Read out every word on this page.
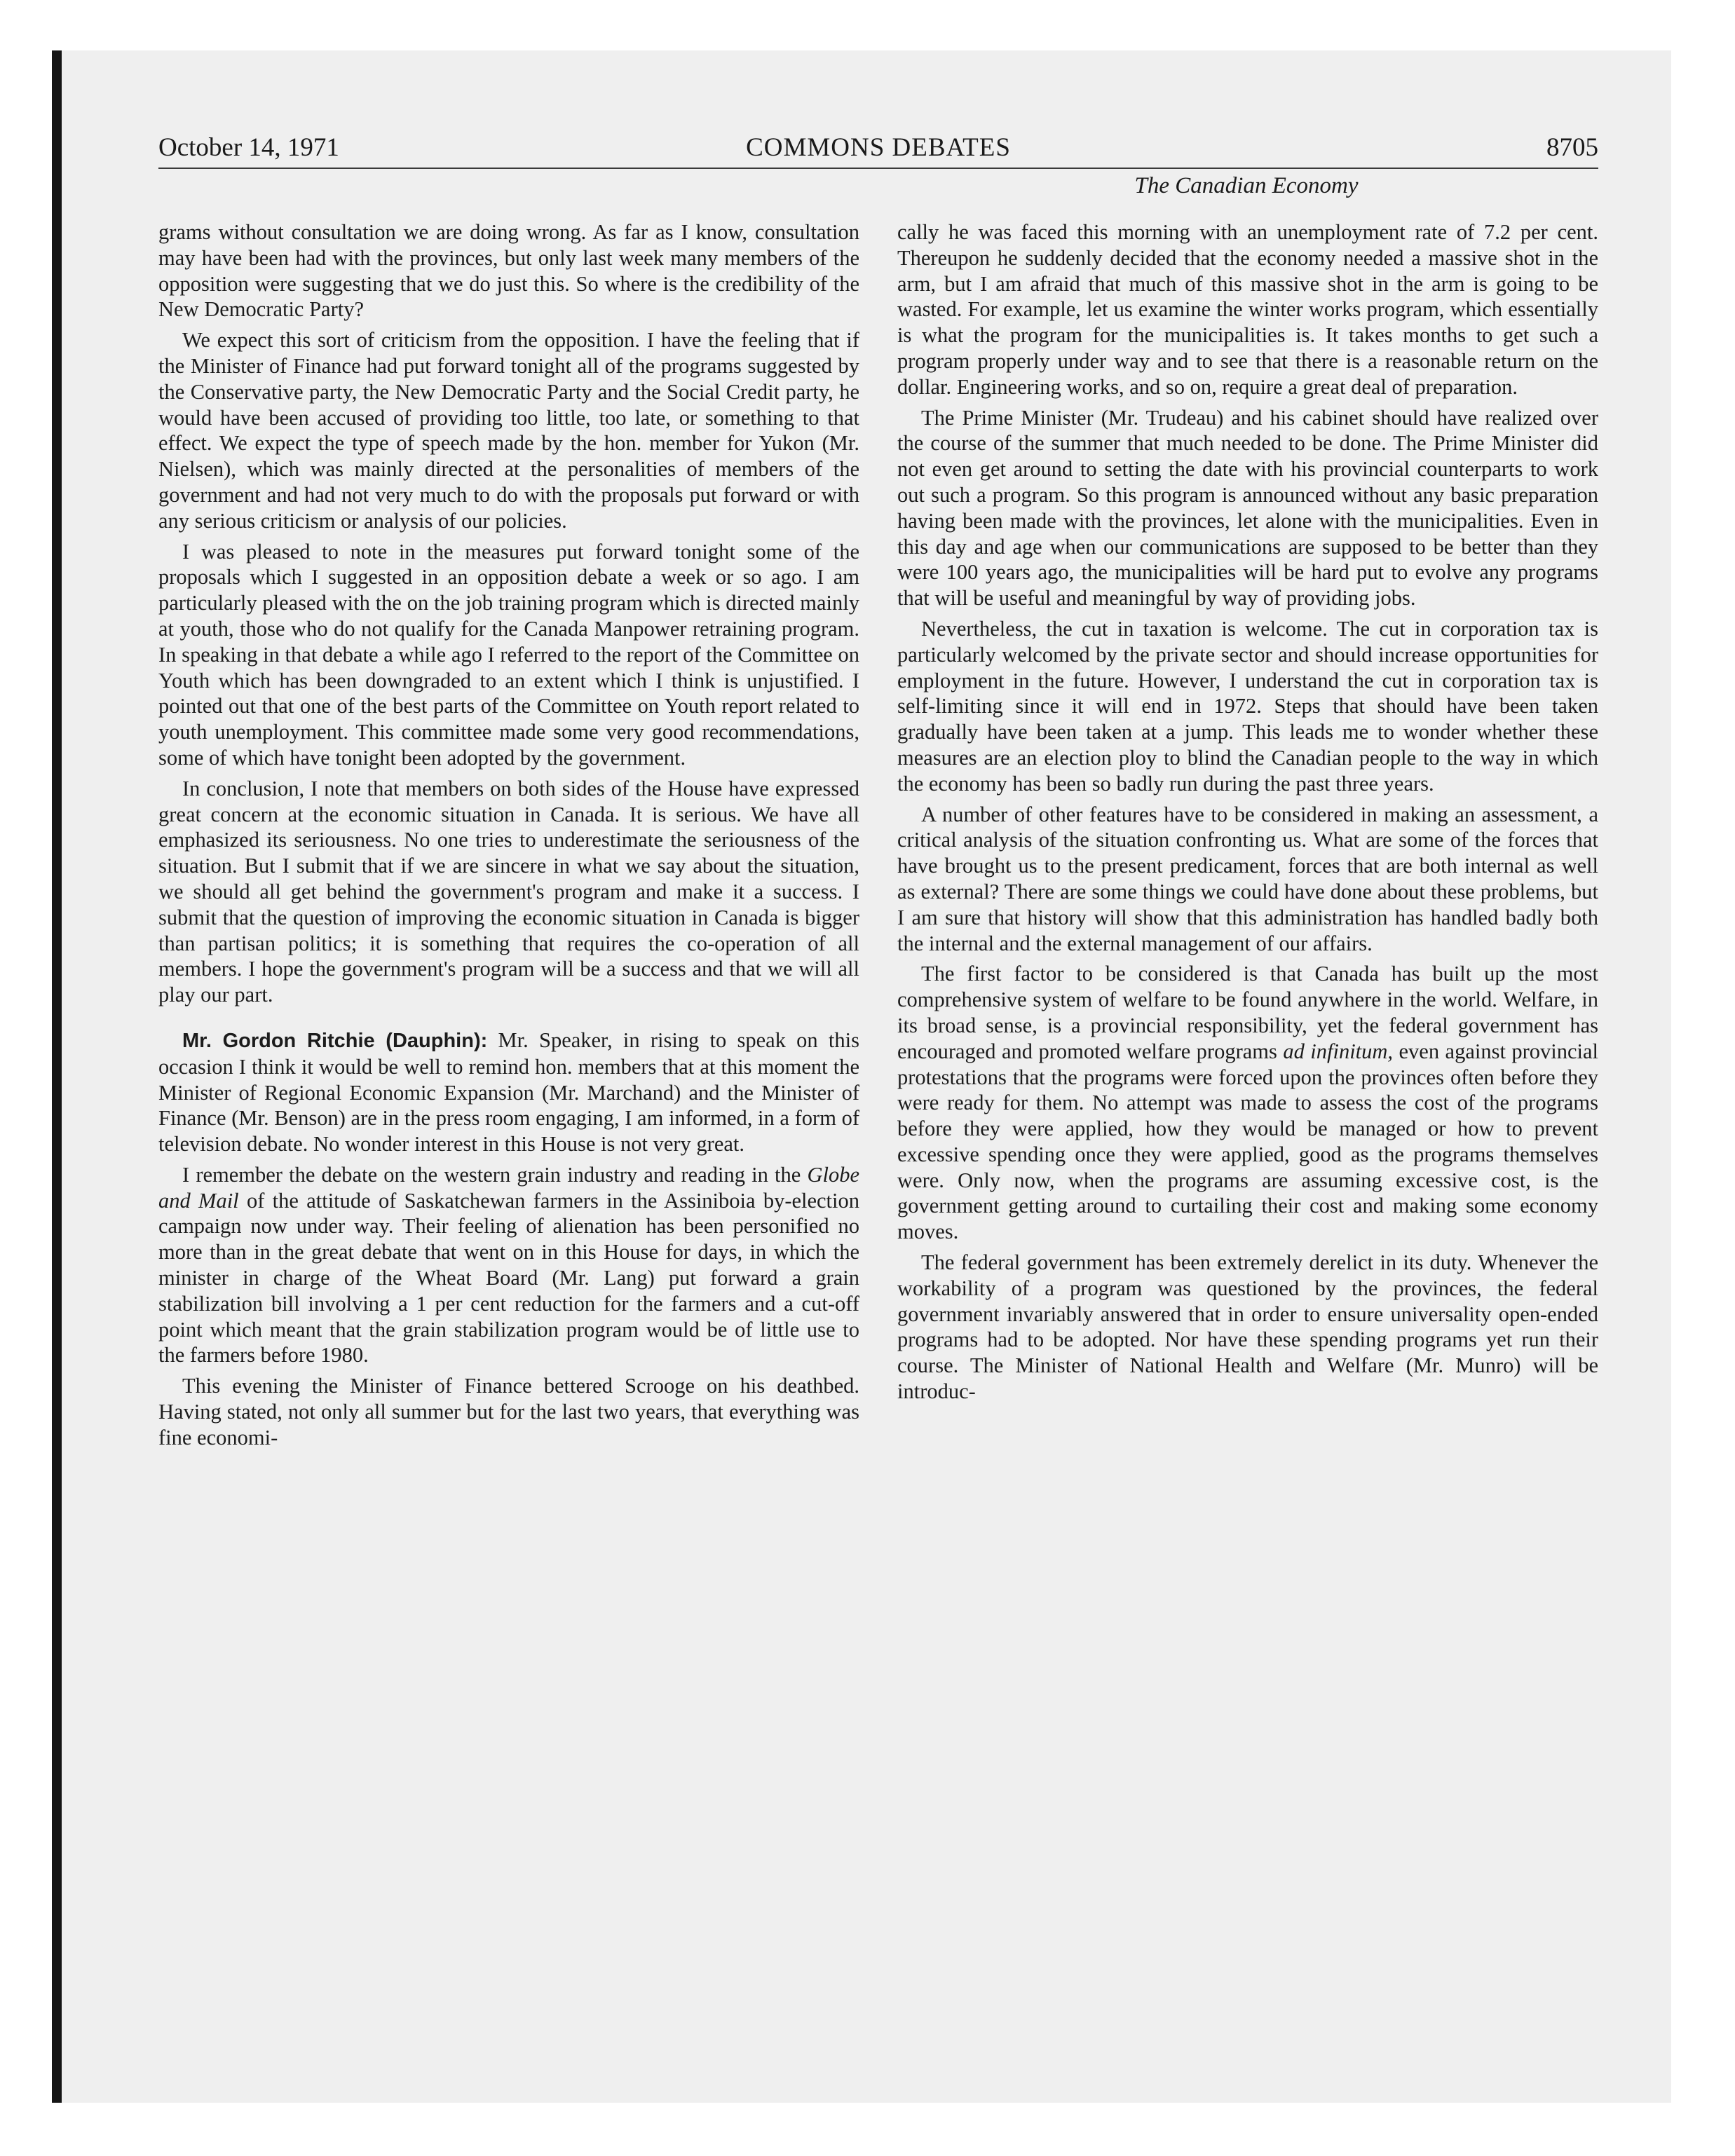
October 14, 1971	COMMONS DEBATES	8705
The Canadian Economy

grams without consultation we are doing wrong. As far as I know, consultation may have been had with the provinces, but only last week many members of the opposition were suggesting that we do just this. So where is the credibility of the New Democratic Party?

We expect this sort of criticism from the opposition. I have the feeling that if the Minister of Finance had put forward tonight all of the programs suggested by the Conservative party, the New Democratic Party and the Social Credit party, he would have been accused of providing too little, too late, or something to that effect. We expect the type of speech made by the hon. member for Yukon (Mr. Nielsen), which was mainly directed at the personalities of members of the government and had not very much to do with the proposals put forward or with any serious criticism or analysis of our policies.

I was pleased to note in the measures put forward tonight some of the proposals which I suggested in an opposition debate a week or so ago. I am particularly pleased with the on the job training program which is directed mainly at youth, those who do not qualify for the Canada Manpower retraining program. In speaking in that debate a while ago I referred to the report of the Committee on Youth which has been downgraded to an extent which I think is unjustified. I pointed out that one of the best parts of the Committee on Youth report related to youth unemployment. This committee made some very good recommendations, some of which have tonight been adopted by the government.

In conclusion, I note that members on both sides of the House have expressed great concern at the economic situation in Canada. It is serious. We have all emphasized its seriousness. No one tries to underestimate the seriousness of the situation. But I submit that if we are sincere in what we say about the situation, we should all get behind the government's program and make it a success. I submit that the question of improving the economic situation in Canada is bigger than partisan politics; it is something that requires the co-operation of all members. I hope the government's program will be a success and that we will all play our part.

Mr. Gordon Ritchie (Dauphin): Mr. Speaker, in rising to speak on this occasion I think it would be well to remind hon. members that at this moment the Minister of Regional Economic Expansion (Mr. Marchand) and the Minister of Finance (Mr. Benson) are in the press room engaging, I am informed, in a form of television debate. No wonder interest in this House is not very great.

I remember the debate on the western grain industry and reading in the Globe and Mail of the attitude of Saskatchewan farmers in the Assiniboia by-election campaign now under way. Their feeling of alienation has been personified no more than in the great debate that went on in this House for days, in which the minister in charge of the Wheat Board (Mr. Lang) put forward a grain stabilization bill involving a 1 per cent reduction for the farmers and a cut-off point which meant that the grain stabilization program would be of little use to the farmers before 1980.

This evening the Minister of Finance bettered Scrooge on his deathbed. Having stated, not only all summer but for the last two years, that everything was fine economi-

cally he was faced this morning with an unemployment rate of 7.2 per cent. Thereupon he suddenly decided that the economy needed a massive shot in the arm, but I am afraid that much of this massive shot in the arm is going to be wasted. For example, let us examine the winter works program, which essentially is what the program for the municipalities is. It takes months to get such a program properly under way and to see that there is a reasonable return on the dollar. Engineering works, and so on, require a great deal of preparation.

The Prime Minister (Mr. Trudeau) and his cabinet should have realized over the course of the summer that much needed to be done. The Prime Minister did not even get around to setting the date with his provincial counterparts to work out such a program. So this program is announced without any basic preparation having been made with the provinces, let alone with the municipalities. Even in this day and age when our communications are supposed to be better than they were 100 years ago, the municipalities will be hard put to evolve any programs that will be useful and meaningful by way of providing jobs.

Nevertheless, the cut in taxation is welcome. The cut in corporation tax is particularly welcomed by the private sector and should increase opportunities for employment in the future. However, I understand the cut in corporation tax is self-limiting since it will end in 1972. Steps that should have been taken gradually have been taken at a jump. This leads me to wonder whether these measures are an election ploy to blind the Canadian people to the way in which the economy has been so badly run during the past three years.

A number of other features have to be considered in making an assessment, a critical analysis of the situation confronting us. What are some of the forces that have brought us to the present predicament, forces that are both internal as well as external? There are some things we could have done about these problems, but I am sure that history will show that this administration has handled badly both the internal and the external management of our affairs.

The first factor to be considered is that Canada has built up the most comprehensive system of welfare to be found anywhere in the world. Welfare, in its broad sense, is a provincial responsibility, yet the federal government has encouraged and promoted welfare programs ad infinitum, even against provincial protestations that the programs were forced upon the provinces often before they were ready for them. No attempt was made to assess the cost of the programs before they were applied, how they would be managed or how to prevent excessive spending once they were applied, good as the programs themselves were. Only now, when the programs are assuming excessive cost, is the government getting around to curtailing their cost and making some economy moves.

The federal government has been extremely derelict in its duty. Whenever the workability of a program was questioned by the provinces, the federal government invariably answered that in order to ensure universality open-ended programs had to be adopted. Nor have these spending programs yet run their course. The Minister of National Health and Welfare (Mr. Munro) will be introduc-
